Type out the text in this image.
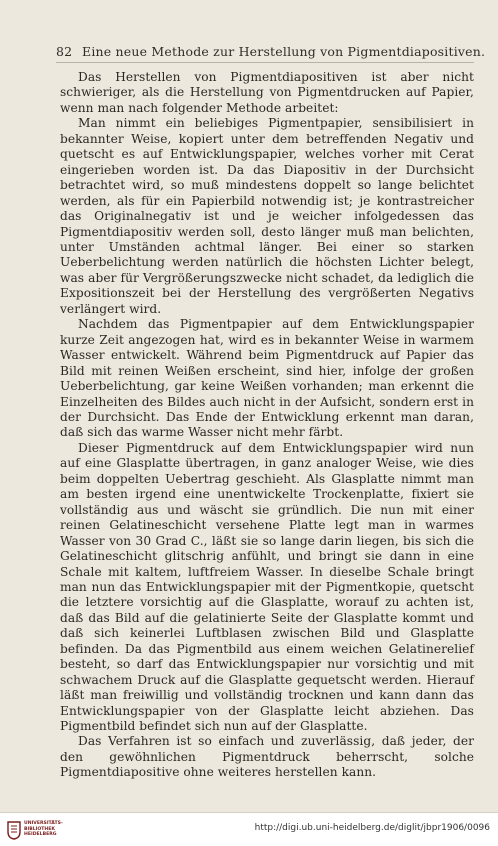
82 Eine neue Methode zur Herstellung von Pigmentdiapositiven.

Das Herstellen von Pigmentdiapositiven ist aber nicht schwieriger, als die Herstellung von Pigmentdrucken auf Papier, wenn man nach folgender Methode arbeitet:

Man nimmt ein beliebiges Pigmentpapier, sensibilisiert in bekannter Weise, kopiert unter dem betreffenden Negativ und quetscht es auf Entwicklungspapier, welches vorher mit Cerat eingerieben worden ist. Da das Diapositiv in der Durchsicht betrachtet wird, so muß mindestens doppelt so lange belichtet werden, als für ein Papierbild notwendig ist; je kontrastreicher das Originalnegativ ist und je weicher infolgedessen das Pigmentdiapositiv werden soll, desto länger muß man belichten, unter Umständen achtmal länger. Bei einer so starken Ueberbelichtung werden natürlich die höchsten Lichter belegt, was aber für Vergrößerungszwecke nicht schadet, da lediglich die Expositionszeit bei der Herstellung des vergrößerten Negativs verlängert wird.

Nachdem das Pigmentpapier auf dem Entwicklungspapier kurze Zeit angezogen hat, wird es in bekannter Weise in warmem Wasser entwickelt. Während beim Pigmentdruck auf Papier das Bild mit reinen Weißen erscheint, sind hier, infolge der großen Ueberbelichtung, gar keine Weißen vorhanden; man erkennt die Einzelheiten des Bildes auch nicht in der Aufsicht, sondern erst in der Durchsicht. Das Ende der Entwicklung erkennt man daran, daß sich das warme Wasser nicht mehr färbt.

Dieser Pigmentdruck auf dem Entwicklungspapier wird nun auf eine Glasplatte übertragen, in ganz analoger Weise, wie dies beim doppelten Uebertrag geschieht. Als Glasplatte nimmt man am besten irgend eine unentwickelte Trockenplatte, fixiert sie vollständig aus und wäscht sie gründlich. Die nun mit einer reinen Gelatineschicht versehene Platte legt man in warmes Wasser von 30 Grad C., läßt sie so lange darin liegen, bis sich die Gelatineschicht glitschrig anfühlt, und bringt sie dann in eine Schale mit kaltem, luftfreiem Wasser. In dieselbe Schale bringt man nun das Entwicklungspapier mit der Pigmentkopie, quetscht die letztere vorsichtig auf die Glasplatte, worauf zu achten ist, daß das Bild auf die gelatinierte Seite der Glasplatte kommt und daß sich keinerlei Luftblasen zwischen Bild und Glasplatte befinden. Da das Pigmentbild aus einem weichen Gelatinerelief besteht, so darf das Entwicklungspapier nur vorsichtig und mit schwachem Druck auf die Glasplatte gequetscht werden. Hierauf läßt man freiwillig und vollständig trocknen und kann dann das Entwicklungspapier von der Glasplatte leicht abziehen. Das Pigmentbild befindet sich nun auf der Glasplatte.

Das Verfahren ist so einfach und zuverlässig, daß jeder, der den gewöhnlichen Pigmentdruck beherrscht, solche Pigmentdiapositive ohne weiteres herstellen kann.

UNIVERSITÄTS-
BIBLIOTHEK
HEIDELBERG
http://digi.ub.uni-heidelberg.de/diglit/jbpr1906/0096
